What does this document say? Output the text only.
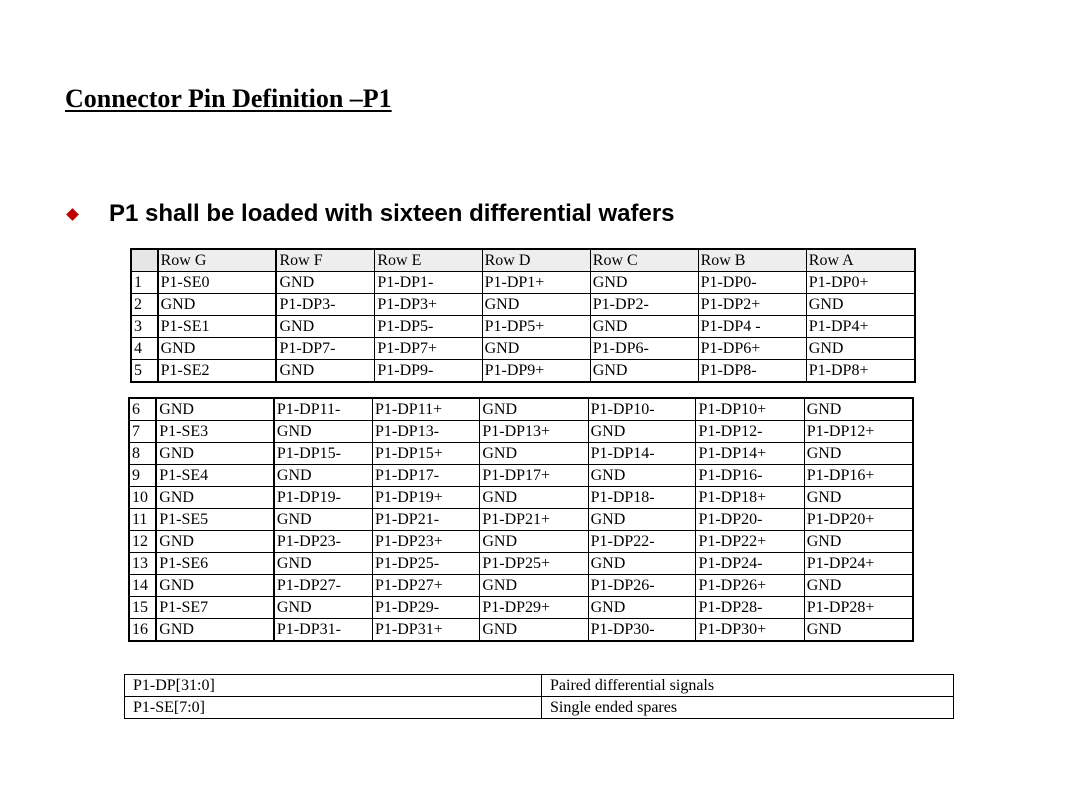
Connector Pin Definition –P1
P1 shall be loaded with sixteen differential wafers
	Row G	Row F	Row E	Row D	Row C	Row B	Row A
1	P1-SE0	GND	P1-DP1-	P1-DP1+	GND	P1-DP0-	P1-DP0+
2	GND	P1-DP3-	P1-DP3+	GND	P1-DP2-	P1-DP2+	GND
3	P1-SE1	GND	P1-DP5-	P1-DP5+	GND	P1-DP4 -	P1-DP4+
4	GND	P1-DP7-	P1-DP7+	GND	P1-DP6-	P1-DP6+	GND
5	P1-SE2	GND	P1-DP9-	P1-DP9+	GND	P1-DP8-	P1-DP8+
6	GND	P1-DP11-	P1-DP11+	GND	P1-DP10-	P1-DP10+	GND
7	P1-SE3	GND	P1-DP13-	P1-DP13+	GND	P1-DP12-	P1-DP12+
8	GND	P1-DP15-	P1-DP15+	GND	P1-DP14-	P1-DP14+	GND
9	P1-SE4	GND	P1-DP17-	P1-DP17+	GND	P1-DP16-	P1-DP16+
10	GND	P1-DP19-	P1-DP19+	GND	P1-DP18-	P1-DP18+	GND
11	P1-SE5	GND	P1-DP21-	P1-DP21+	GND	P1-DP20-	P1-DP20+
12	GND	P1-DP23-	P1-DP23+	GND	P1-DP22-	P1-DP22+	GND
13	P1-SE6	GND	P1-DP25-	P1-DP25+	GND	P1-DP24-	P1-DP24+
14	GND	P1-DP27-	P1-DP27+	GND	P1-DP26-	P1-DP26+	GND
15	P1-SE7	GND	P1-DP29-	P1-DP29+	GND	P1-DP28-	P1-DP28+
16	GND	P1-DP31-	P1-DP31+	GND	P1-DP30-	P1-DP30+	GND
P1-DP[31:0]	Paired differential signals
P1-SE[7:0]	Single ended spares
